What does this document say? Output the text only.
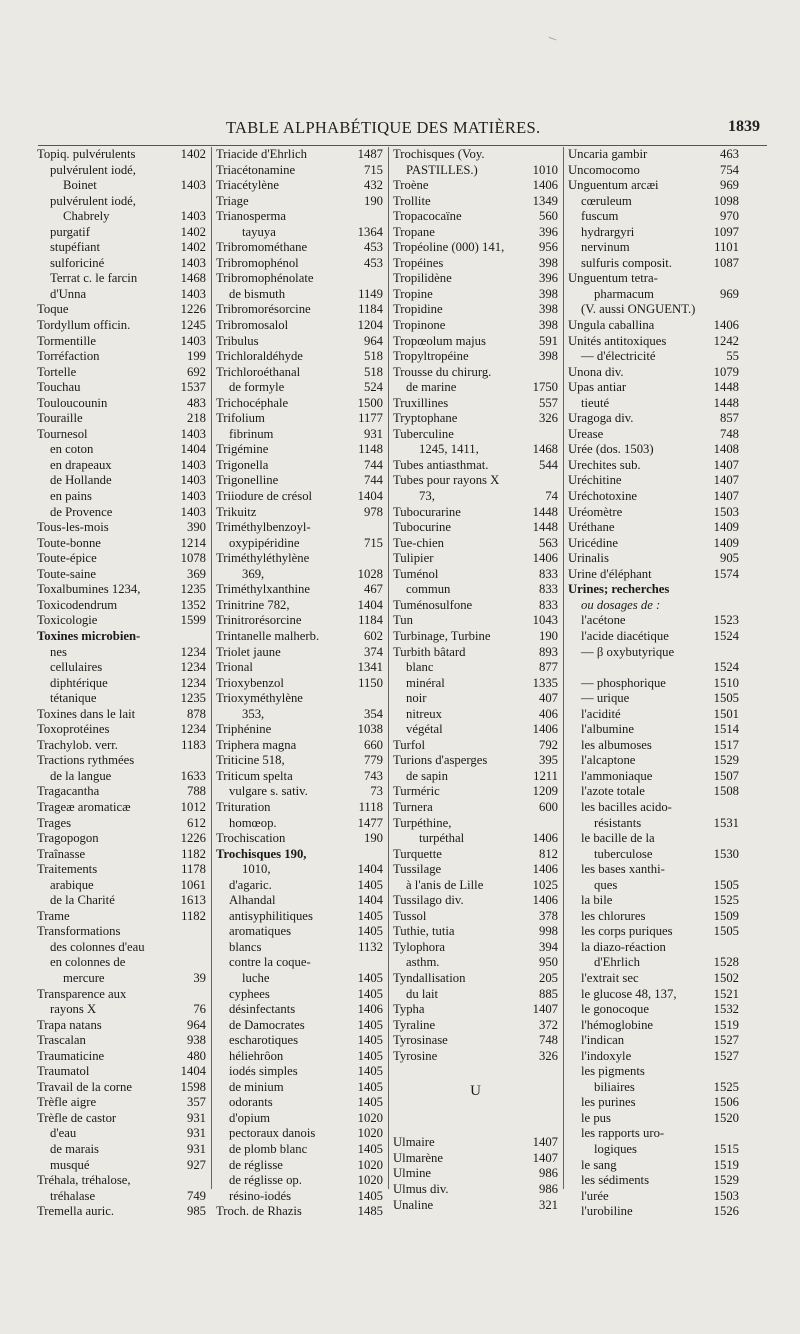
TABLE ALPHABÉTIQUE DES MATIÈRES.	1839
Topiq. pulvérulents	1402
pulvérulent iodé,
Boinet	1403
pulvérulent iodé,
Chabrely	1403
purgatif	1402
stupéfiant	1402
sulforiciné	1403
Terrat c. le farcin	1468
d'Unna	1403
Toque	1226
Tordyllum officin.	1245
Tormentille	1403
Torréfaction	199
Tortelle	692
Touchau	1537
Touloucounin	483
Touraille	218
Tournesol	1403
en coton	1404
en drapeaux	1403
de Hollande	1403
en pains	1403
de Provence	1403
Tous-les-mois	390
Toute-bonne	1214
Toute-épice	1078
Toute-saine	369
Toxalbumines 1234,	1235
Toxicodendrum	1352
Toxicologie	1599
Toxines microbien-
nes	1234
cellulaires	1234
diphtérique	1234
tétanique	1235
Toxines dans le lait	878
Toxoprotéines	1234
Trachylob. verr.	1183
Tractions rythmées
de la langue	1633
Tragacantha	788
Trageæ aromaticæ	1012
Trages	612
Tragopogon	1226
Traînasse	1182
Traitements	1178
arabique	1061
de la Charité	1613
Trame	1182
Transformations
des colonnes d'eau
en colonnes de
mercure	39
Transparence aux
rayons X	76
Trapa natans	964
Trascalan	938
Traumaticine	480
Traumatol	1404
Travail de la corne	1598
Trèfle aigre	357
Trèfle de castor	931
d'eau	931
de marais	931
musqué	927
Tréhala, tréhalose,
tréhalase	749
Tremella auric.	985
Triacide d'Ehrlich	1487
Triacétonamine	715
Triacétylène	432
Triage	190
Trianosperma
tayuya	1364
Tribromométhane	453
Tribromophénol	453
Tribromophénolate
de bismuth	1149
Tribromorésorcine	1184
Tribromosalol	1204
Tribulus	964
Trichloraldéhyde	518
Trichloroéthanal	518
de formyle	524
Trichocéphale	1500
Trifolium	1177
fibrinum	931
Trigémine	1148
Trigonella	744
Trigonelline	744
Triiodure de crésol	1404
Trikuitz	978
Triméthylbenzoyl-
oxypipéridine	715
Triméthyléthylène
369,	1028
Triméthylxanthine	467
Trinitrine 782,	1404
Trinitrorésorcine	1184
Trintanelle malherb.	602
Triolet jaune	374
Trional	1341
Trioxybenzol	1150
Trioxyméthylène
353,	354
Triphénine	1038
Triphera magna	660
Triticine 518,	779
Triticum spelta	743
vulgare s. sativ.	73
Trituration	1118
homœop.	1477
Trochiscation	190
Trochisques 190,
1010,	1404
d'agaric.	1405
Alhandal	1404
antisyphilitiques	1405
aromatiques	1405
blancs	1132
contre la coque-
luche	1405
cyphees	1405
désinfectants	1406
de Damocrates	1405
escharotiques	1405
héliehrôon	1405
iodés simples	1405
de minium	1405
odorants	1405
d'opium	1020
pectoraux danois	1020
de plomb blanc	1405
de réglisse	1020
de réglisse op.	1020
résino-iodés	1405
Troch. de Rhazis	1485
Trochisques (Voy.
PASTILLES.)	1010
Troène	1406
Trollite	1349
Tropacocaïne	560
Tropane	396
Tropéoline (000) 141,	956
Tropéines	398
Tropilidène	396
Tropine	398
Tropidine	398
Tropinone	398
Tropœolum majus	591
Tropyltropéine	398
Trousse du chirurg.
de marine	1750
Truxillines	557
Tryptophane	326
Tuberculine
1245, 1411,	1468
Tubes antiasthmat.	544
Tubes pour rayons X
73,	74
Tubocurarine	1448
Tubocurine	1448
Tue-chien	563
Tulipier	1406
Tuménol	833
commun	833
Tuménosulfone	833
Tun	1043
Turbinage, Turbine	190
Turbith bâtard	893
blanc	877
minéral	1335
noir	407
nitreux	406
végétal	1406
Turfol	792
Turions d'asperges	395
de sapin	1211
Turméric	1209
Turnera	600
Turpéthine,
turpéthal	1406
Turquette	812
Tussilage	1406
à l'anis de Lille	1025
Tussilago div.	1406
Tussol	378
Tuthie, tutia	998
Tylophora	394
asthm.	950
Tyndallisation	205
du lait	885
Typha	1407
Tyraline	372
Tyrosinase	748
Tyrosine	326
U
Ulmaire	1407
Ulmarène	1407
Ulmine	986
Ulmus div.	986
Unaline	321
Uncaria gambir	463
Uncomocomo	754
Unguentum arcæi	969
cœruleum	1098
fuscum	970
hydrargyri	1097
nervinum	1101
sulfuris composit.	1087
Unguentum tetra-
pharmacum	969
(V. aussi ONGUENT.)
Ungula caballina	1406
Unités antitoxiques	1242
— d'électricité	55
Unona div.	1079
Upas antiar	1448
tieuté	1448
Uragoga div.	857
Urease	748
Urée (dos. 1503)	1408
Urechites sub.	1407
Uréchitine	1407
Uréchotoxine	1407
Uréomètre	1503
Uréthane	1409
Uricédine	1409
Urinalis	905
Urine d'éléphant	1574
Urines; recherches
ou dosages de :
l'acétone	1523
l'acide diacétique	1524
— β oxybutyrique
1524
— phosphorique	1510
— urique	1505
l'acidité	1501
l'albumine	1514
les albumoses	1517
l'alcaptone	1529
l'ammoniaque	1507
l'azote totale	1508
les bacilles acido-
résistants	1531
le bacille de la
tuberculose	1530
les bases xanthi-
ques	1505
la bile	1525
les chlorures	1509
les corps puriques	1505
la diazo-réaction
d'Ehrlich	1528
l'extrait sec	1502
le glucose 48, 137,	1521
le gonocoque	1532
l'hémoglobine	1519
l'indican	1527
l'indoxyle	1527
les pigments
biliaires	1525
les purines	1506
le pus	1520
les rapports uro-
logiques	1515
le sang	1519
les sédiments	1529
l'urée	1503
l'urobiline	1526
